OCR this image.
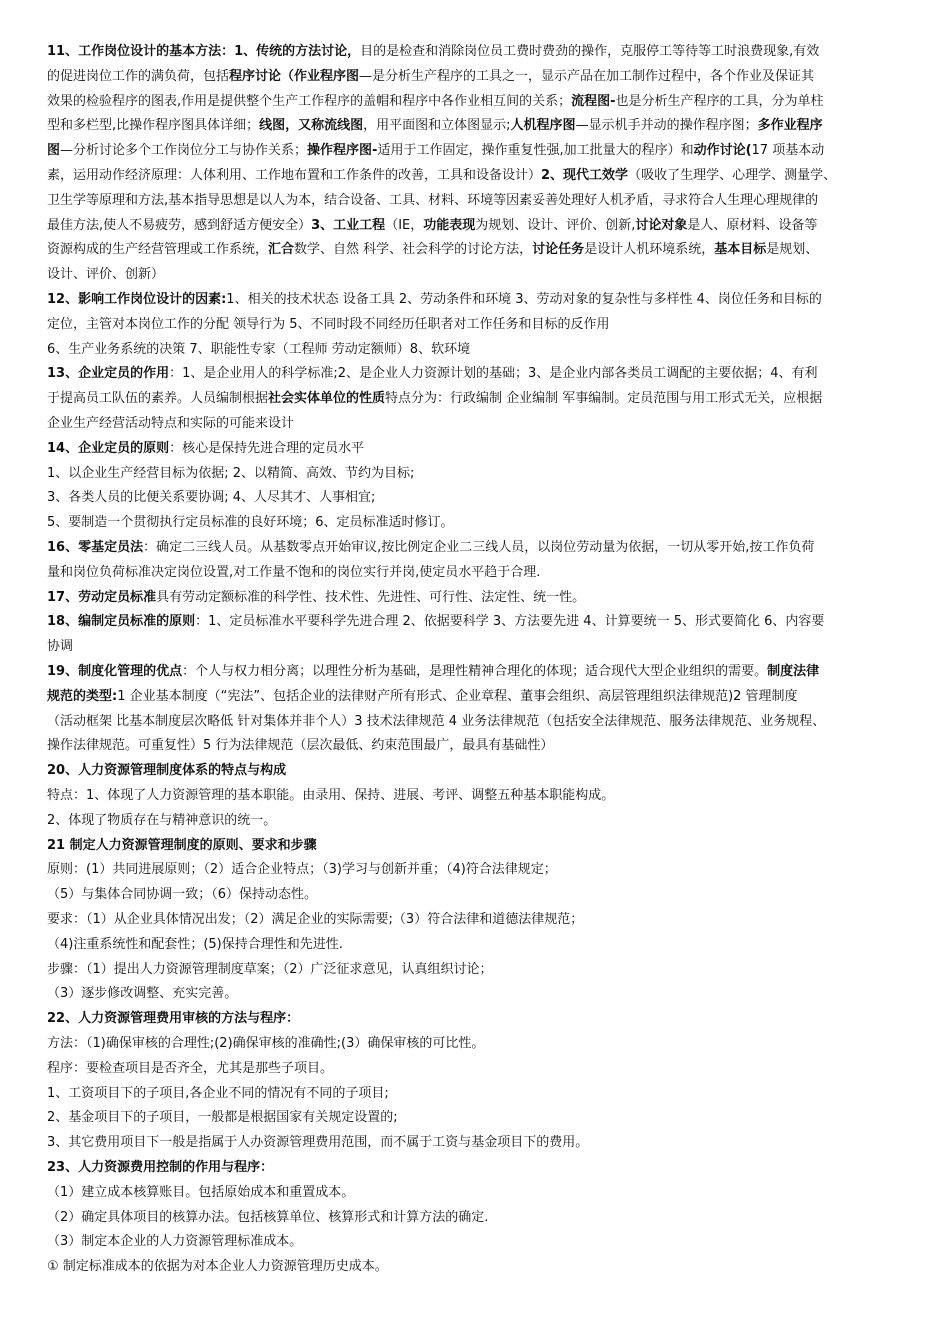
11、工作岗位设计的基本方法：1、传统的方法讨论，目的是检查和消除岗位员工费时费劲的操作，克服停工等待等工时浪费现象,有效
的促进岗位工作的满负荷，包括程序讨论（作业程序图—是分析生产程序的工具之一，显示产品在加工制作过程中，各个作业及保证其
效果的检验程序的图表,作用是提供整个生产工作程序的盖帽和程序中各作业相互间的关系；流程图-也是分析生产程序的工具，分为单柱
型和多栏型,比操作程序图具体详细；线图，又称流线图，用平面图和立体图显示;人机程序图—显示机手并动的操作程序图；多作业程序
图—分析讨论多个工作岗位分工与协作关系；操作程序图-适用于工作固定，操作重复性强,加工批量大的程序）和动作讨论(17 项基本动
素，运用动作经济原理：人体利用、工作地布置和工作条件的改善，工具和设备设计）2、现代工效学（吸收了生理学、心理学、测量学、
卫生学等原理和方法,基本指导思想是以人为本，结合设备、工具、材料、环境等因素妥善处理好人机矛盾，寻求符合人生理心理规律的
最佳方法,使人不易疲劳，感到舒适方便安全）3、工业工程（IE，功能表现为规划、设计、评价、创新,讨论对象是人、原材料、设备等
资源构成的生产经营管理或工作系统，汇合数学、自然 科学、社会科学的讨论方法，讨论任务是设计人机环境系统，基本目标是规划、
设计、评价、创新）
12、影响工作岗位设计的因素:1、相关的技术状态 设备工具 2、劳动条件和环境 3、劳动对象的复杂性与多样性 4、岗位任务和目标的
定位，主管对本岗位工作的分配 领导行为 5、不同时段不同经历任职者对工作任务和目标的反作用
6、生产业务系统的决策 7、职能性专家（工程师 劳动定额师）8、软环境
13、企业定员的作用：1、是企业用人的科学标准;2、是企业人力资源计划的基础；3、是企业内部各类员工调配的主要依据；4、有利
于提高员工队伍的素养。人员编制根据社会实体单位的性质特点分为：行政编制 企业编制 军事编制。定员范围与用工形式无关，应根据
企业生产经营活动特点和实际的可能来设计
14、企业定员的原则：核心是保持先进合理的定员水平
1、以企业生产经营目标为依据; 2、以精简、高效、节约为目标;
3、各类人员的比便关系要协调; 4、人尽其才、人事相宜;
5、要制造一个贯彻执行定员标准的良好环境；6、定员标准适时修订。
16、零基定员法：确定二三线人员。从基数零点开始审议,按比例定企业二三线人员，以岗位劳动量为依据，一切从零开始,按工作负荷
量和岗位负荷标准决定岗位设置,对工作量不饱和的岗位实行并岗,使定员水平趋于合理.
17、劳动定员标准具有劳动定额标准的科学性、技术性、先进性、可行性、法定性、统一性。
18、编制定员标准的原则：1、定员标准水平要科学先进合理 2、依据要科学 3、方法要先进 4、计算要统一 5、形式要简化 6、内容要
协调
19、制度化管理的优点：个人与权力相分离；以理性分析为基础，是理性精神合理化的体现；适合现代大型企业组织的需要。制度法律
规范的类型:1 企业基本制度（“宪法”、包括企业的法律财产所有形式、企业章程、董事会组织、高层管理组织法律规范)2 管理制度
（活动框架 比基本制度层次略低 针对集体并非个人）3 技术法律规范 4 业务法律规范（包括安全法律规范、服务法律规范、业务规程、
操作法律规范。可重复性）5 行为法律规范（层次最低、约束范围最广，最具有基础性）
20、人力资源管理制度体系的特点与构成
特点：1、体现了人力资源管理的基本职能。由录用、保持、进展、考评、调整五种基本职能构成。
2、体现了物质存在与精神意识的统一。
21 制定人力资源管理制度的原则、要求和步骤
原则：(1）共同进展原则；（2）适合企业特点；（3)学习与创新并重；（4)符合法律规定；
（5）与集体合同协调一致；（6）保持动态性。
要求：（1）从企业具体情况出发；（2）满足企业的实际需要;（3）符合法律和道德法律规范；
（4)注重系统性和配套性；(5)保持合理性和先进性.
步骤：（1）提出人力资源管理制度草案；（2）广泛征求意见，认真组织讨论；
（3）逐步修改调整、充实完善。
22、人力资源管理费用审核的方法与程序：
方法：（1)确保审核的合理性;(2)确保审核的准确性;(3）确保审核的可比性。
程序：要检查项目是否齐全，尤其是那些子项目。
1、工资项目下的子项目,各企业不同的情况有不同的子项目;
2、基金项目下的子项目，一般都是根据国家有关规定设置的;
3、其它费用项目下一般是指属于人办资源管理费用范围，而不属于工资与基金项目下的费用。
23、人力资源费用控制的作用与程序：
（1）建立成本核算账目。包括原始成本和重置成本。
（2）确定具体项目的核算办法。包括核算单位、核算形式和计算方法的确定.
（3）制定本企业的人力资源管理标准成本。
① 制定标准成本的依据为对本企业人力资源管理历史成本。
